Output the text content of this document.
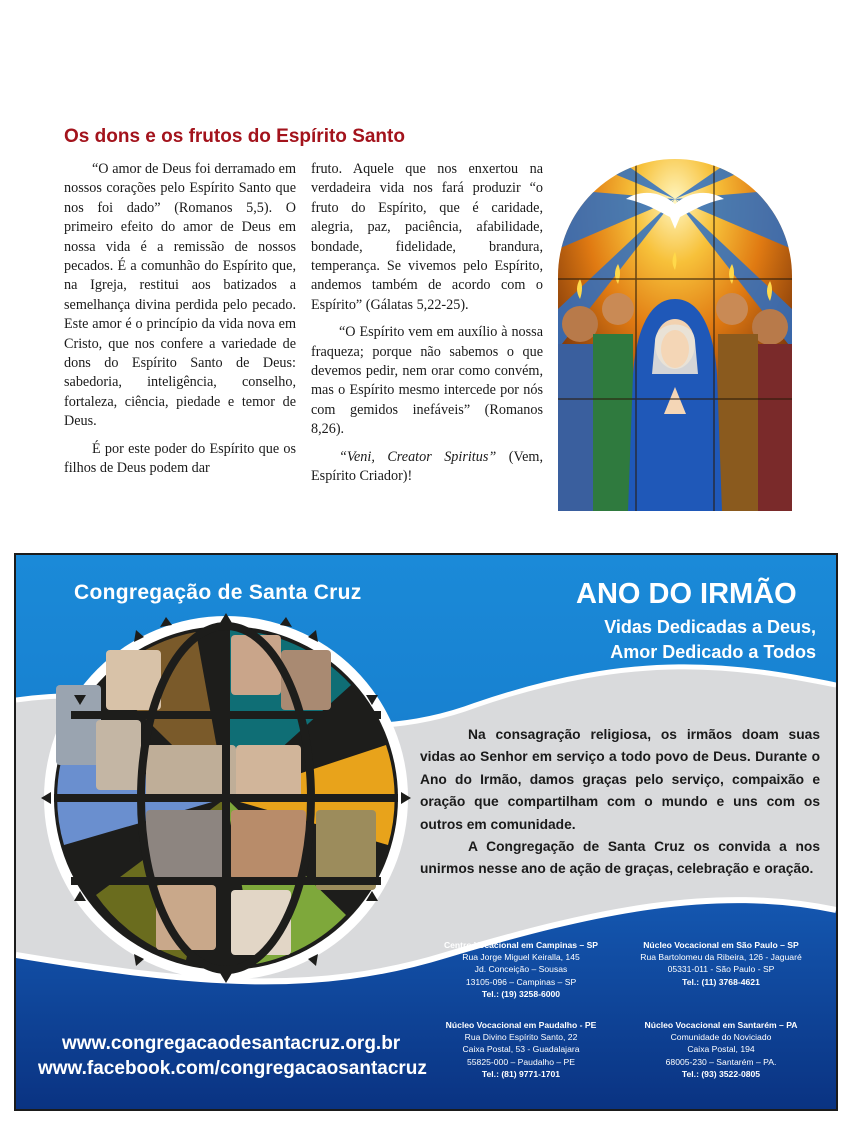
Os dons e os frutos do Espírito Santo

“O amor de Deus foi derramado em nossos corações pelo Espírito Santo que nos foi dado” (Romanos 5,5). O primeiro efeito do amor de Deus em nossa vida é a remissão de nossos pecados. É a comunhão do Espírito que, na Igreja, restitui aos batizados a semelhança divina perdida pelo pecado. Este amor é o princípio da vida nova em Cristo, que nos confere a variedade de dons do Espírito Santo de Deus: sabedoria, inteligência, conselho, fortaleza, ciência, piedade e temor de Deus.

É por este poder do Espírito que os filhos de Deus podem dar

fruto. Aquele que nos enxertou na verdadeira vida nos fará produzir “o fruto do Espírito, que é caridade, alegria, paz, paciência, afabilidade, bondade, fidelidade, brandura, temperança. Se vivemos pelo Espírito, andemos também de acordo com o Espírito” (Gálatas 5,22-25).

“O Espírito vem em auxílio à nossa fraqueza; porque não sabemos o que devemos pedir, nem orar como convém, mas o Espírito mesmo intercede por nós com gemidos inefáveis” (Romanos 8,26).

“Veni, Creator Spiritus” (Vem, Espírito Criador)!

Congregação de Santa Cruz	ANO DO IRMÃO
Vidas Dedicadas a Deus,
Amor Dedicado a Todos

Na consagração religiosa, os irmãos doam suas vidas ao Senhor em serviço a todo povo de Deus. Durante o Ano do Irmão, damos graças pelo serviço, compaixão e oração que compartilham com o mundo e uns com os outros em comunidade.

A Congregação de Santa Cruz os convida a nos unirmos nesse ano de ação de graças, celebração e oração.

Centro Vocacional em Campinas – SP
Rua Jorge Miguel Keiralla, 145
Jd. Conceição – Sousas
13105-096 – Campinas – SP
Tel.: (19) 3258-6000
Núcleo Vocacional em São Paulo – SP
Rua Bartolomeu da Ribeira, 126 - Jaguaré
05331-011 - São Paulo - SP
Tel.: (11) 3768-4621
Núcleo Vocacional em Paudalho - PE
Rua Divino Espírito Santo, 22
Caixa Postal, 53 - Guadalajara
55825-000 – Paudalho – PE
Tel.: (81) 9771-1701
Núcleo Vocacional em Santarém – PA
Comunidade do Noviciado
Caixa Postal, 194
68005-230 – Santarém – PA.
Tel.: (93) 3522-0805
www.congregacaodesantacruz.org.br
www.facebook.com/congregacaosantacruz
